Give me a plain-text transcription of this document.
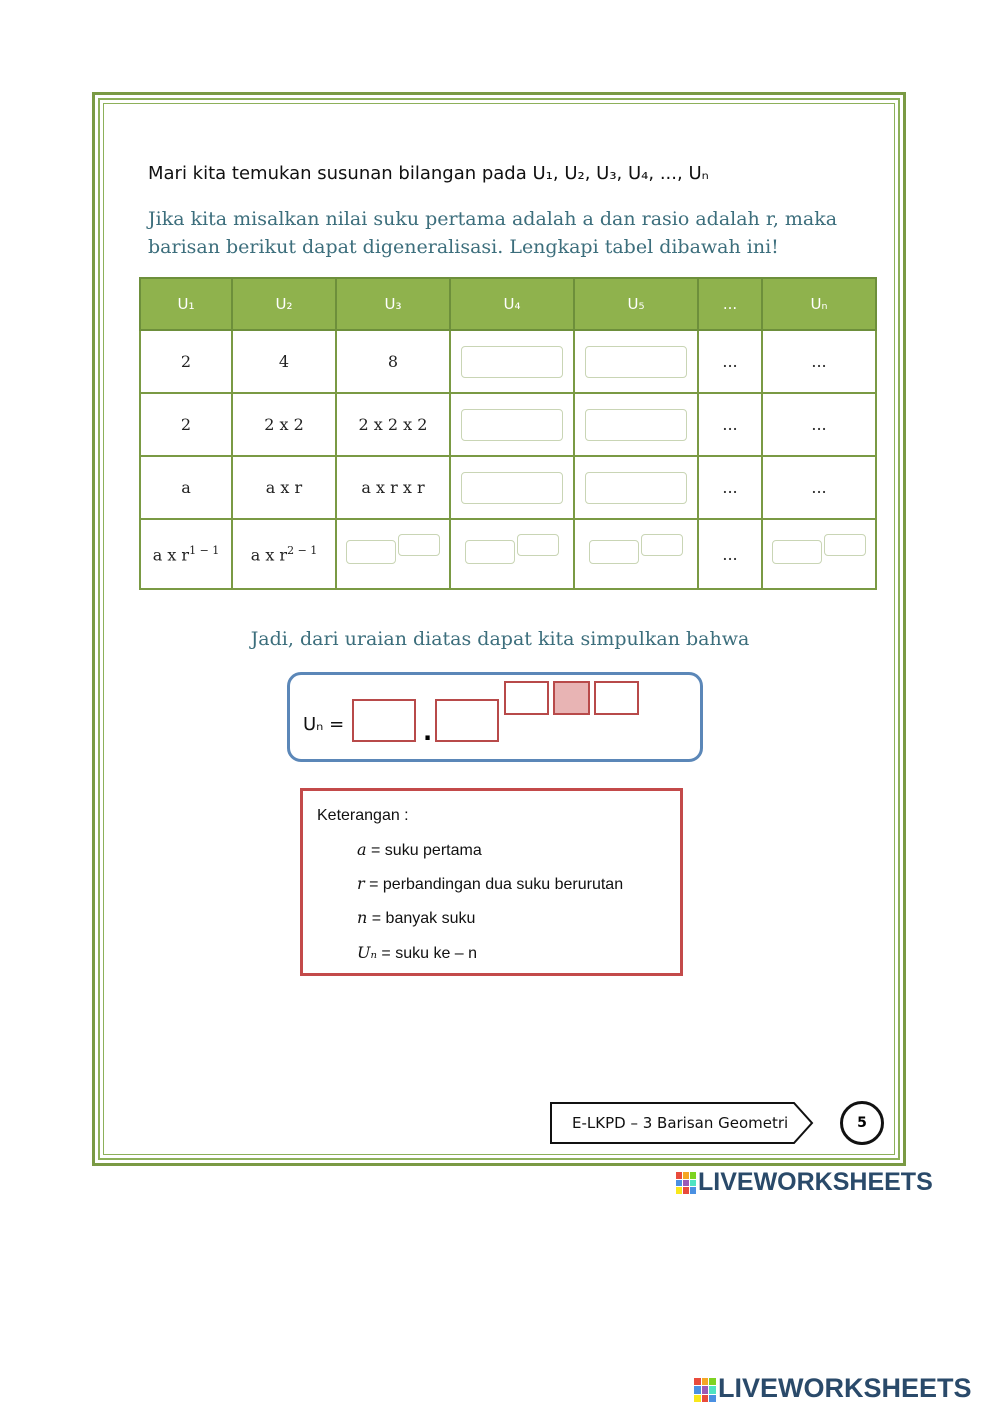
Mari kita temukan susunan bilangan pada U₁, U₂, U₃, U₄, ..., Uₙ
Jika kita misalkan nilai suku pertama adalah a dan rasio adalah r, maka barisan berikut dapat digeneralisasi. Lengkapi tabel dibawah ini!
U₁	U₂	U₃	U₄	U₅	...	Uₙ
2	4	8			...	...
2	2 x 2	2 x 2 x 2			...	...
a	a x r	a x r x r			...	...
a x $r^{1 - 1}$	a x $r^{2 - 1}$				...	
Jadi, dari uraian diatas dapat kita simpulkan bahwa
Uₙ =	.
Keterangan :
a = suku pertama
r = perbandingan dua suku berurutan
n = banyak suku
Uₙ = suku ke – n
E-LKPD – 3 Barisan Geometri	5
LIVEWORKSHEETS
LIVEWORKSHEETS
